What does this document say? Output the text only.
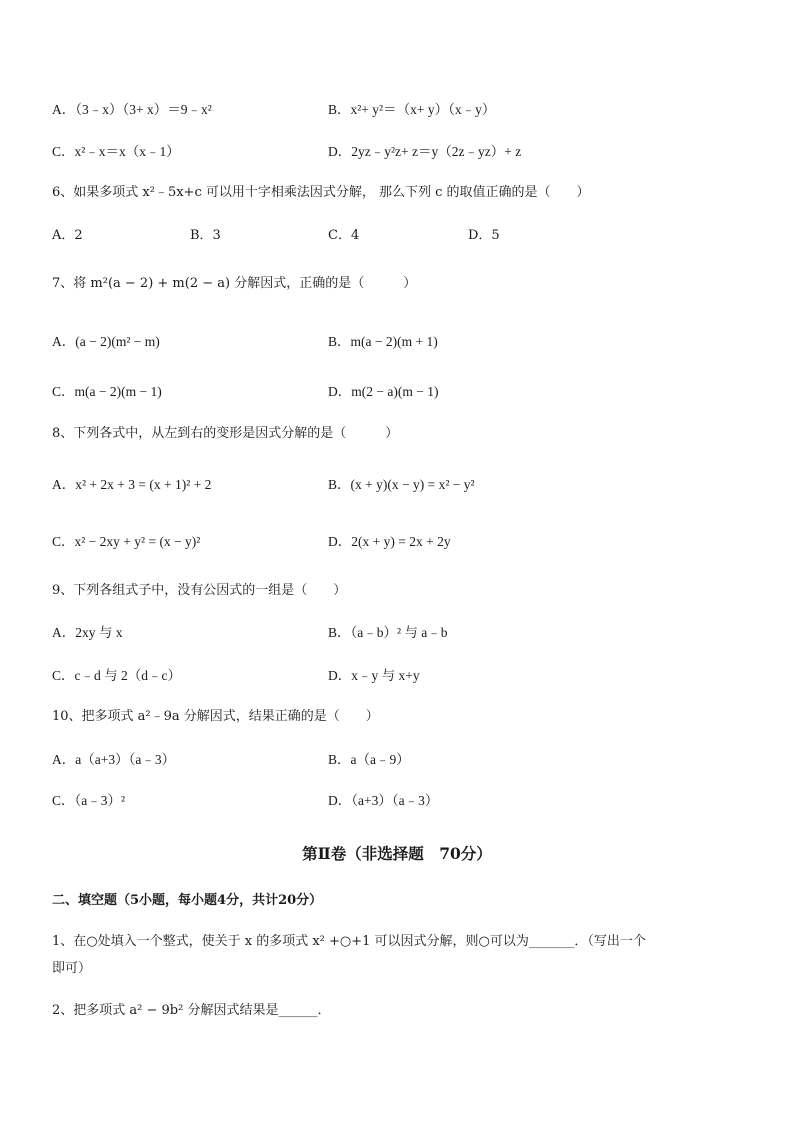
A．（3﹣x）（3+ x）＝9﹣x²	B．x²+ y²＝（x+ y）（x﹣y）
C．x²﹣x＝x（x﹣1）	D．2yz﹣y²z+ z＝y（2z﹣yz）+ z
6、如果多项式 x²﹣5x+c 可以用十字相乘法因式分解， 那么下列 c 的取值正确的是（　　）
A．2	B．3	C．4	D．5
7、将 m²(a − 2) + m(2 − a) 分解因式，正确的是（　　　）
A．(a − 2)(m² − m)	B．m(a − 2)(m + 1)
C．m(a − 2)(m − 1)	D．m(2 − a)(m − 1)
8、下列各式中，从左到右的变形是因式分解的是（　　　）
A．x² + 2x + 3 = (x + 1)² + 2	B．(x + y)(x − y) = x² − y²
C．x² − 2xy + y² = (x − y)²	D．2(x + y) = 2x + 2y
9、下列各组式子中，没有公因式的一组是（　　）
A．2xy 与 x	B．（a﹣b）² 与 a﹣b
C．c﹣d 与 2（d﹣c）	D．x﹣y 与 x+y
10、把多项式 a²﹣9a 分解因式，结果正确的是（　　）
A．a（a+3）（a﹣3）	B．a（a﹣9）
C．（a﹣3）²	D．（a+3）（a﹣3）
第Ⅱ卷（非选择题　70分）
二、填空题（5小题，每小题4分，共计20分）
1、在○处填入一个整式，使关于 x 的多项式 x² +○+1 可以因式分解，则○可以为_______．（写出一个
即可）
2、把多项式 a² − 9b² 分解因式结果是______．
